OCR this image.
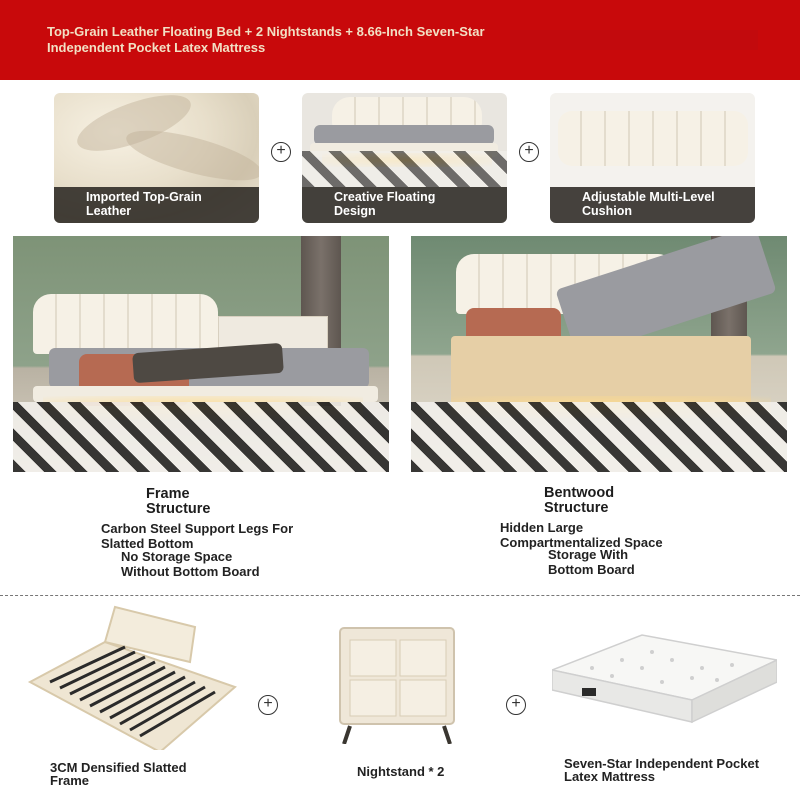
Top-Grain Leather Floating Bed + 2 Nightstands + 8.66-Inch Seven-Star
Independent Pocket Latex Mattress
Imported Top-Grain
Leather
+
Creative Floating
Design
+
Adjustable Multi-Level
Cushion
Frame
Structure
Carbon Steel Support Legs For
Slatted Bottom
No Storage Space
Without Bottom Board
Bentwood
Structure
Hidden Large
Compartmentalized Space
Storage With
Bottom Board
3CM Densified Slatted
Frame
+
Nightstand * 2
+
Seven-Star Independent Pocket
Latex Mattress
